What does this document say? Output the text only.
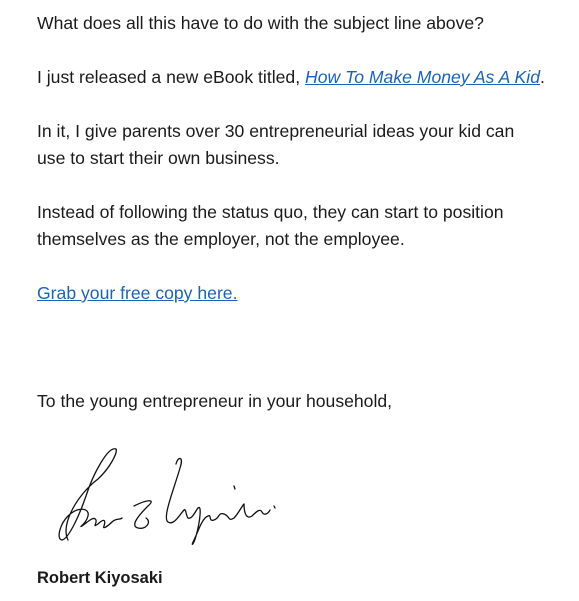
What does all this have to do with the subject line above?

I just released a new eBook titled, How To Make Money As A Kid.

In it, I give parents over 30 entrepreneurial ideas your kid can use to start their own business.

Instead of following the status quo, they can start to position themselves as the employer, not the employee.

Grab your free copy here.

To the young entrepreneur in your household,

Robert Kiyosaki
